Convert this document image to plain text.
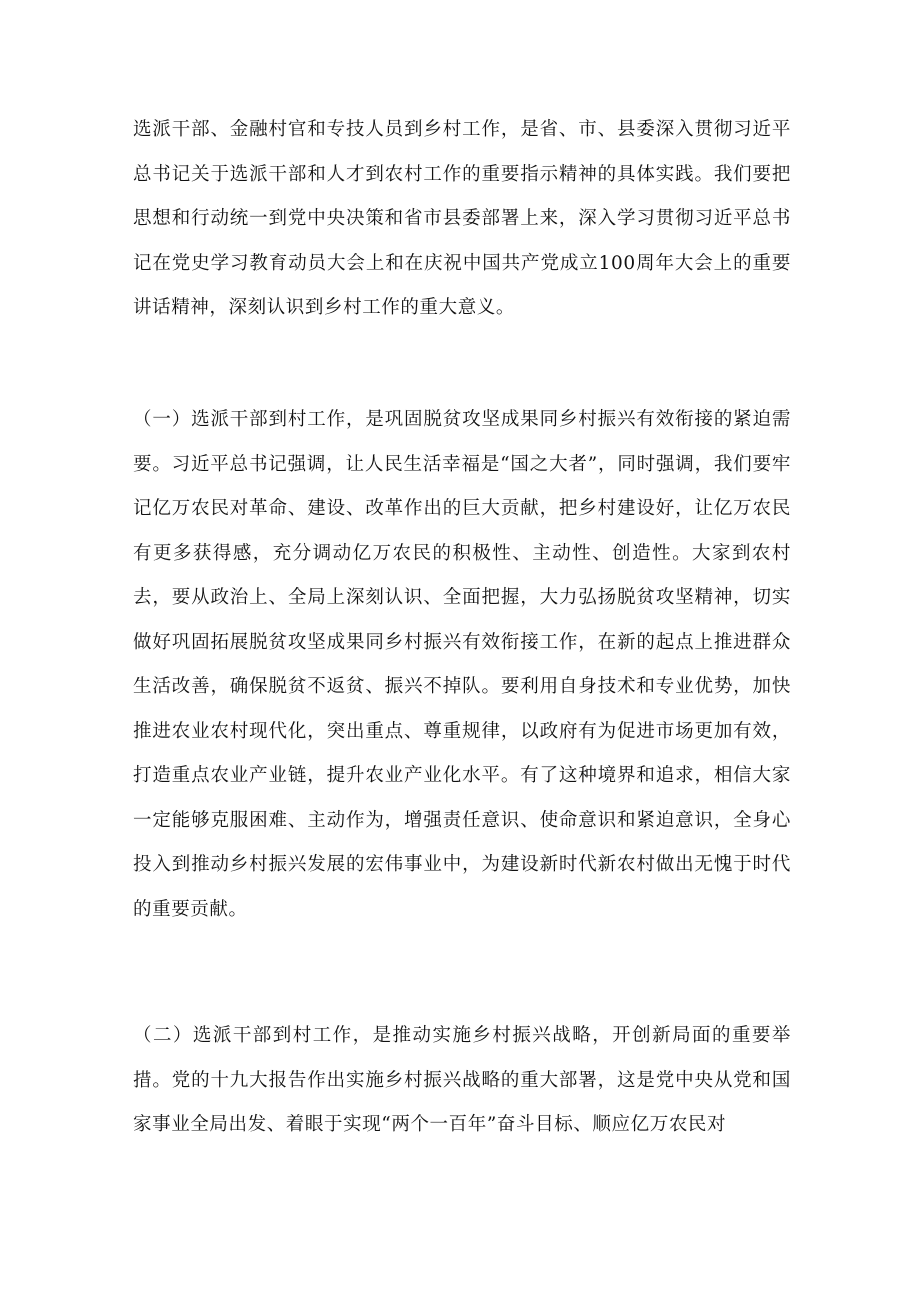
选派干部、金融村官和专技人员到乡村工作，是省、市、县委深入贯彻习近平总书记关于选派干部和人才到农村工作的重要指示精神的具体实践。我们要把思想和行动统一到党中央决策和省市县委部署上来，深入学习贯彻习近平总书记在党史学习教育动员大会上和在庆祝中国共产党成立100周年大会上的重要讲话精神，深刻认识到乡村工作的重大意义。

（一）选派干部到村工作，是巩固脱贫攻坚成果同乡村振兴有效衔接的紧迫需要。习近平总书记强调，让人民生活幸福是“国之大者”，同时强调，我们要牢记亿万农民对革命、建设、改革作出的巨大贡献，把乡村建设好，让亿万农民有更多获得感，充分调动亿万农民的积极性、主动性、创造性。大家到农村去，要从政治上、全局上深刻认识、全面把握，大力弘扬脱贫攻坚精神，切实做好巩固拓展脱贫攻坚成果同乡村振兴有效衔接工作，在新的起点上推进群众生活改善，确保脱贫不返贫、振兴不掉队。要利用自身技术和专业优势，加快推进农业农村现代化，突出重点、尊重规律，以政府有为促进市场更加有效，打造重点农业产业链，提升农业产业化水平。有了这种境界和追求，相信大家一定能够克服困难、主动作为，增强责任意识、使命意识和紧迫意识，全身心投入到推动乡村振兴发展的宏伟事业中，为建设新时代新农村做出无愧于时代的重要贡献。

（二）选派干部到村工作，是推动实施乡村振兴战略，开创新局面的重要举措。党的十九大报告作出实施乡村振兴战略的重大部署，这是党中央从党和国家事业全局出发、着眼于实现“两个一百年”奋斗目标、顺应亿万农民对
